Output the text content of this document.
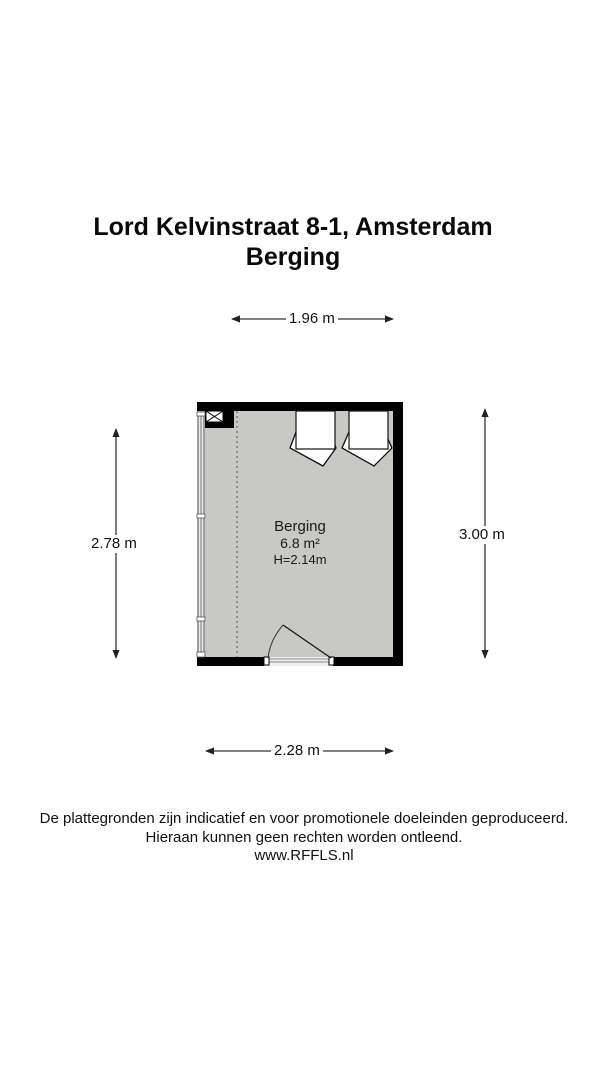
Lord Kelvinstraat 8-1, Amsterdam
Berging
1.96 m
2.28 m
2.78 m
3.00 m
Berging
6.8 m²
H=2.14m
De plattegronden zijn indicatief en voor promotionele doeleinden geproduceerd.
Hieraan kunnen geen rechten worden ontleend.
www.RFFLS.nl
